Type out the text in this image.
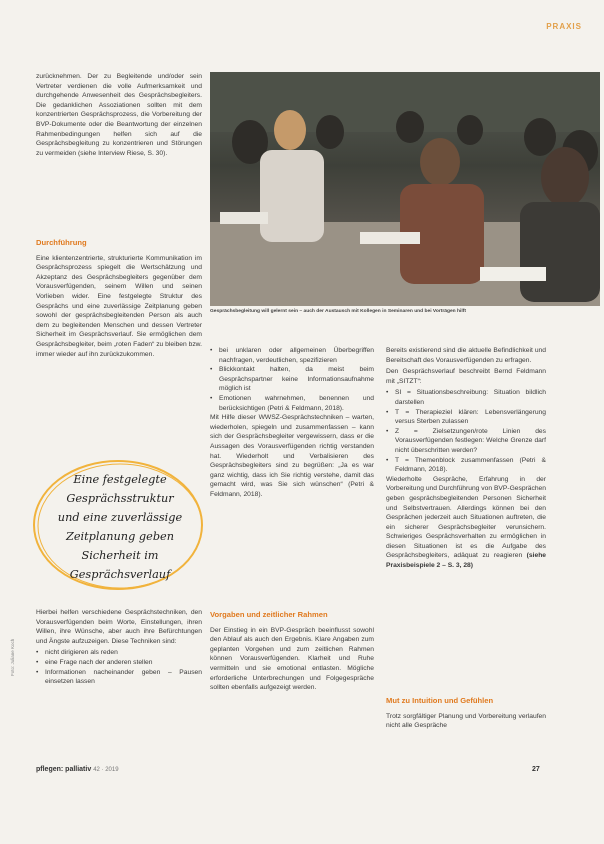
PRAXIS

zurücknehmen. Der zu Begleitende und/oder sein Vertreter verdienen die volle Aufmerksamkeit und durchgehende Anwesenheit des Gesprächsbegleiters. Die gedanklichen Assoziationen sollten mit dem konzentrierten Gesprächsprozess, die Vorbereitung der BVP-Dokumente oder die Beantwortung der einzelnen Rahmenbedingungen helfen sich auf die Gesprächsbegleitung zu konzentrieren und Störungen zu vermeiden (siehe Interview Riese, S. 30).

Durchführung

Eine klientenzentrierte, strukturierte Kommunikation im Gesprächsprozess spiegelt die Wertschätzung und Akzeptanz des Gesprächsbegleiters gegenüber dem Vorausverfügenden, seinem Willen und seinen Vorlieben wider. Eine festgelegte Struktur des Gesprächs und eine zuverlässige Zeitplanung geben sowohl der gesprächsbegleitenden Person als auch dem zu begleitenden Menschen und dessen Vertreter Sicherheit im Gesprächsverlauf. Sie ermöglichen dem Gesprächsbegleiter, beim „roten Faden“ zu bleiben bzw. immer wieder auf ihn zurückzukommen.

Eine festgelegte
Gesprächsstruktur
und eine zuverlässige
Zeitplanung geben
Sicherheit im
Gesprächsverlauf

Hierbei helfen verschiedene Gesprächstechniken, den Vorausverfügenden beim Worte, Einstellungen, ihren Willen, ihre Wünsche, aber auch ihre Befürchtungen und Ängste aufzuzeigen. Diese Techniken sind:

• nicht dirigieren als reden
• eine Frage nach der anderen stellen
• Informationen nacheinander geben – Pausen einsetzen lassen
Gesprächsbegleitung will gelernt sein – auch der Austausch mit Kollegen in Seminaren und bei Vorträgen hilft
• bei unklaren oder allgemeinen Überbegriffen nachfragen, verdeutlichen, spezifizieren
• Blickkontakt halten, da meist beim Gesprächspartner keine Informationsaufnahme möglich ist
• Emotionen wahrnehmen, benennen und berücksichtigen (Petri & Feldmann, 2018).

Mit Hilfe dieser WWSZ-Gesprächstechniken – warten, wiederholen, spiegeln und zusammenfassen – kann sich der Gesprächsbegleiter vergewissern, dass er die Aussagen des Vorausverfügenden richtig verstanden hat. Wiederholt und Verbalisieren des Gesprächsbegleiters sind zu begrüßen: „Ja es war ganz wichtig, dass ich Sie richtig verstehe, damit das gemacht wird, was Sie sich wünschen“ (Petri & Feldmann, 2018).

Vorgaben und zeitlicher Rahmen

Der Einstieg in ein BVP-Gespräch beeinflusst sowohl den Ablauf als auch den Ergebnis. Klare Angaben zum geplanten Vorgehen und zum zeitlichen Rahmen können Vorausverfügenden. Klarheit und Ruhe vermitteln und sie emotional entlasten. Mögliche erforderliche Unterbrechungen und Folgegespräche sollten ebenfalls aufgezeigt werden.

Bereits existierend sind die aktuelle Befindlichkeit und Bereitschaft des Vorausverfügenden zu erfragen.

Den Gesprächsverlauf beschreibt Bernd Feldmann mit „SITZT“:

• SI = Situationsbeschreibung: Situation bildlich darstellen
• T = Therapieziel klären: Lebensverlängerung versus Sterben zulassen
• Z = Zielsetzungen/rote Linien des Vorausverfügenden festlegen: Welche Grenze darf nicht überschritten werden?
• T = Themenblock zusammenfassen (Petri & Feldmann, 2018).

Wiederholte Gespräche, Erfahrung in der Vorbereitung und Durchführung von BVP-Gesprächen geben gesprächsbegleitenden Personen Sicherheit und Selbstvertrauen. Allerdings können bei den Gesprächen jederzeit auch Situationen auftreten, die ein sicherer Gesprächsbegleiter verunsichern. Schwieriges Gesprächsverhalten zu ermöglichen in diesen Situationen ist es die Aufgabe des Gesprächsbegleiters, adäquat zu reagieren (siehe Praxisbeispiele 2 – S. 3, 28)

Mut zu Intuition und Gefühlen

Trotz sorgfältiger Planung und Vorbereitung verlaufen nicht alle Gespräche

Foto: Juliane Koch
pflegen: palliativ 42 · 2019	27
